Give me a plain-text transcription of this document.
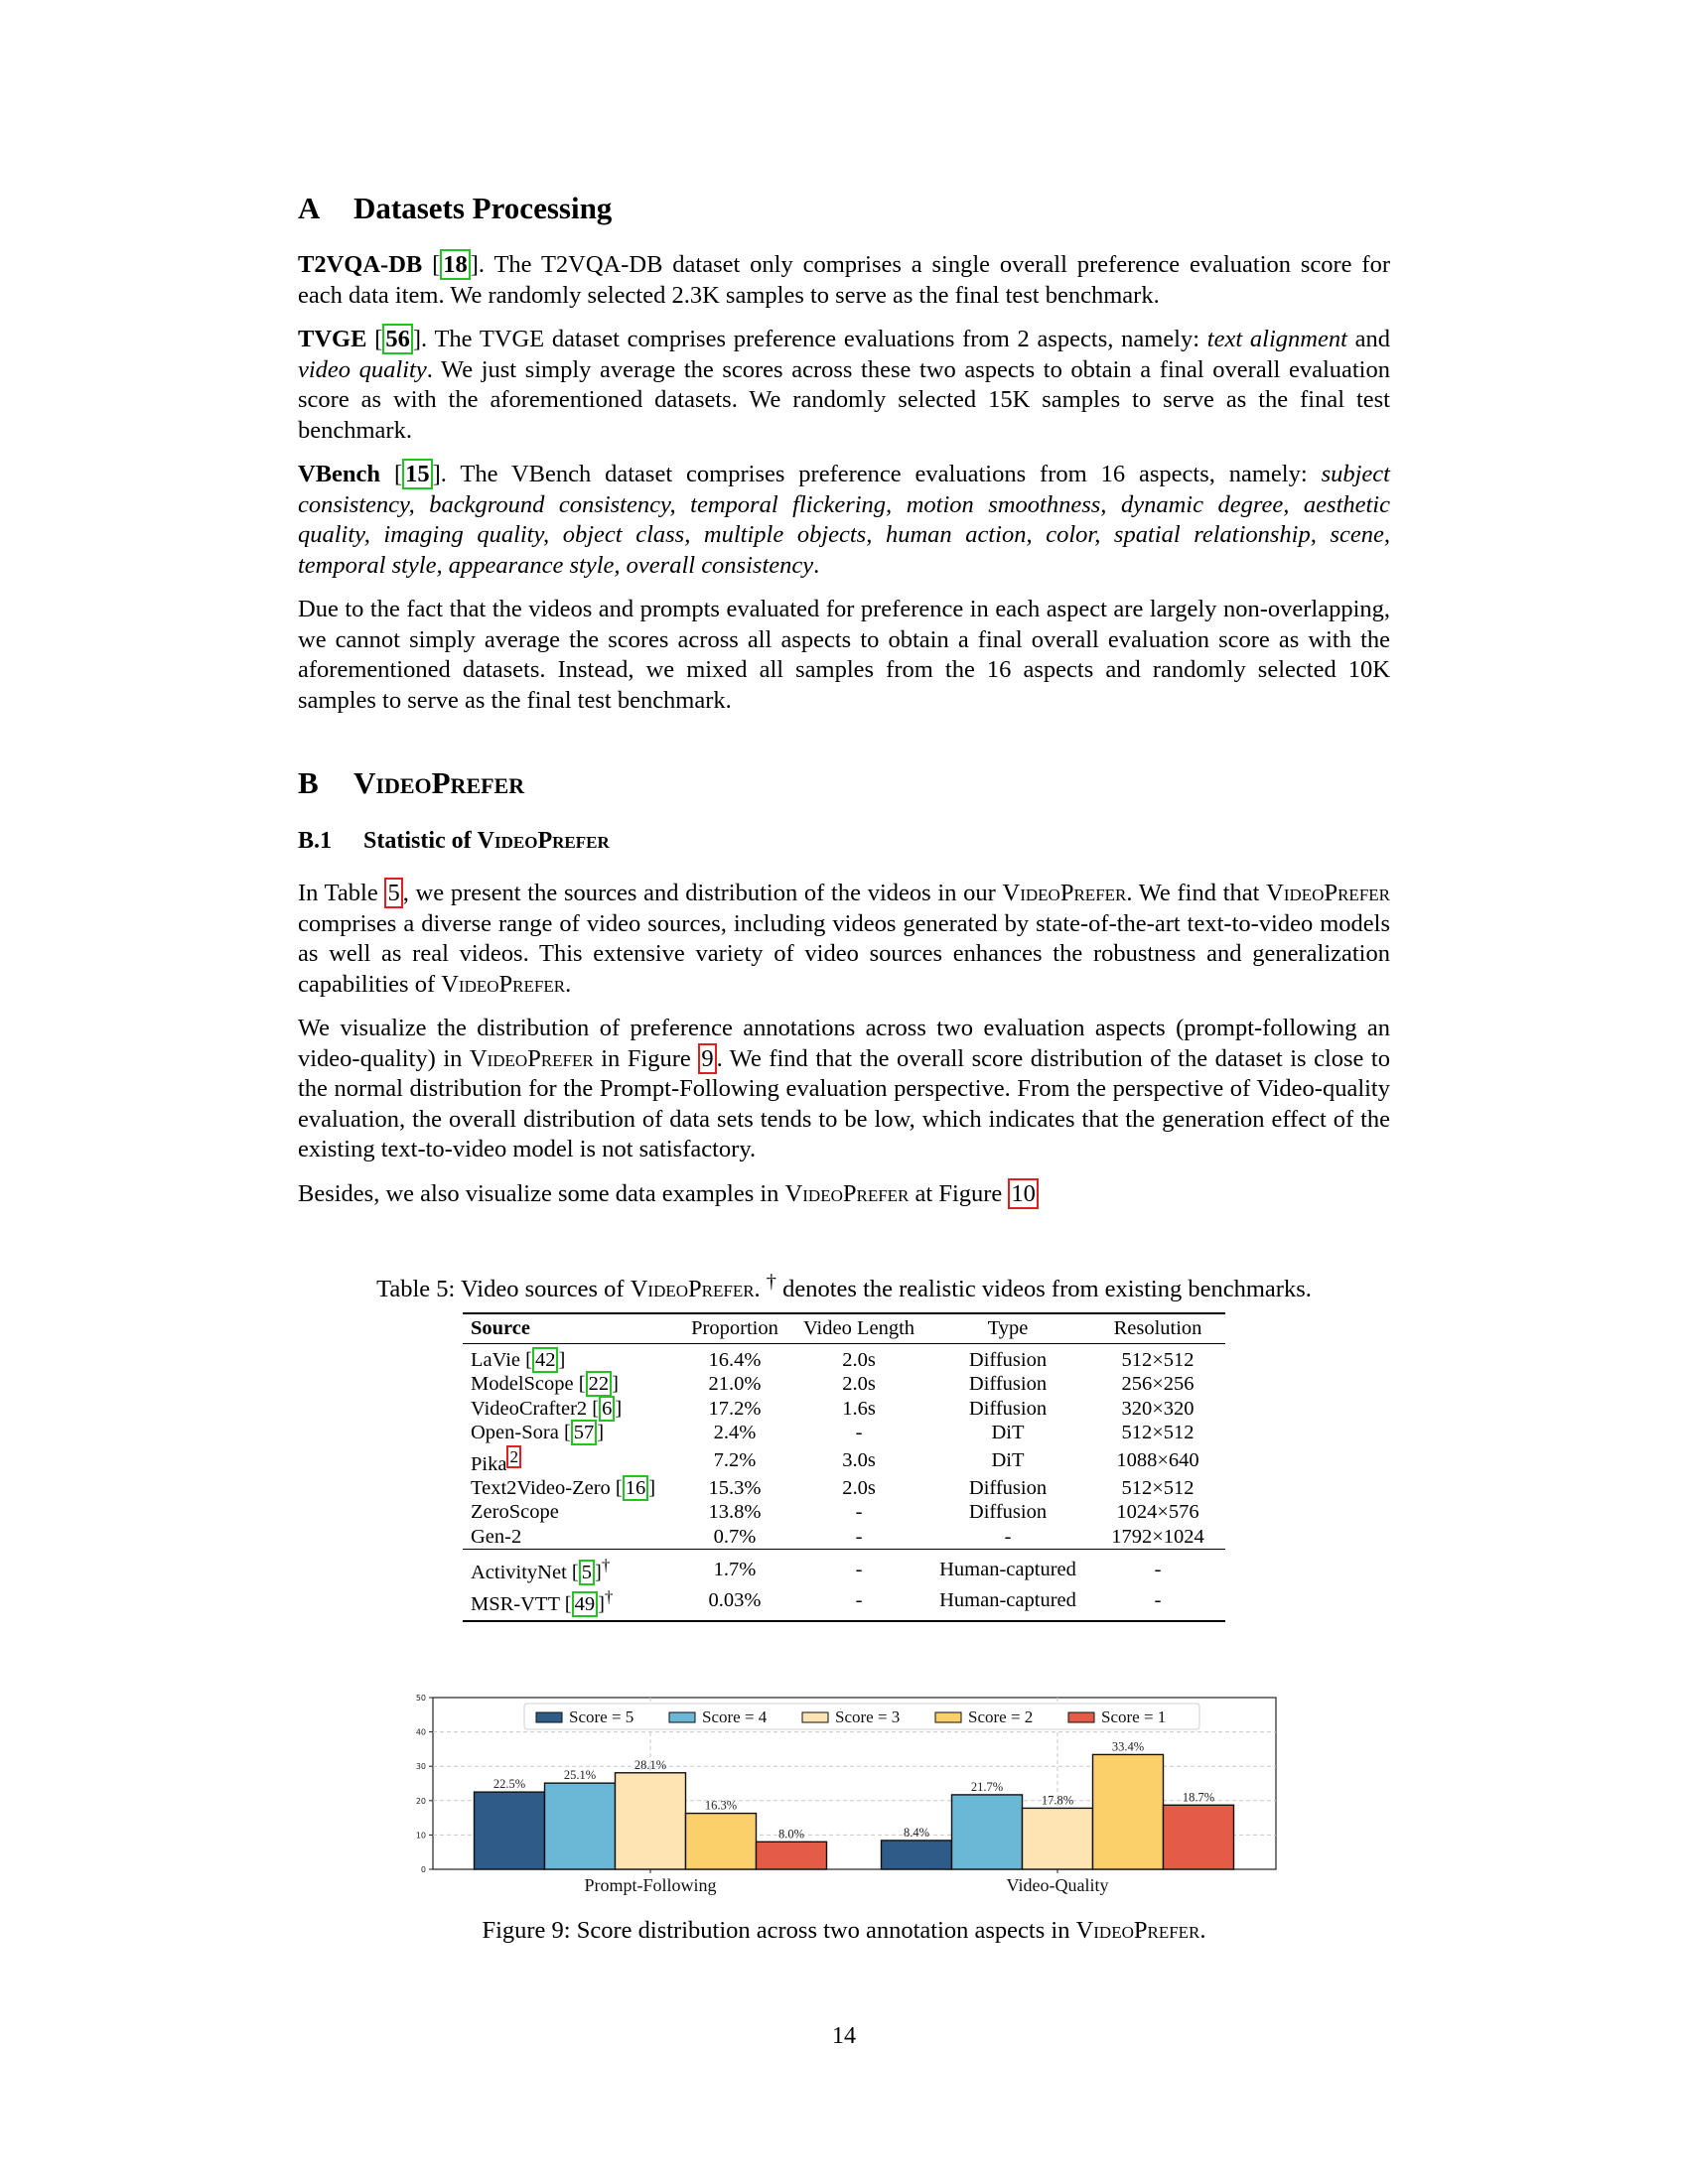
A Datasets Processing

T2VQA-DB [ 18 ]. The T2VQA-DB dataset only comprises a single overall preference evaluation score for each data item. We randomly selected 2.3K samples to serve as the final test benchmark.

TVGE [ 56 ]. The TVGE dataset comprises preference evaluations from 2 aspects, namely: text alignment and video quality. We just simply average the scores across these two aspects to obtain a final overall evaluation score as with the aforementioned datasets. We randomly selected 15K samples to serve as the final test benchmark.

VBench [ 15 ]. The VBench dataset comprises preference evaluations from 16 aspects, namely: subject consistency, background consistency, temporal flickering, motion smoothness, dynamic degree, aesthetic quality, imaging quality, object class, multiple objects, human action, color, spatial relationship, scene, temporal style, appearance style, overall consistency.

Due to the fact that the videos and prompts evaluated for preference in each aspect are largely non-overlapping, we cannot simply average the scores across all aspects to obtain a final overall evaluation score as with the aforementioned datasets. Instead, we mixed all samples from the 16 aspects and randomly selected 10K samples to serve as the final test benchmark.

B VideoPrefer
B.1 Statistic of VideoPrefer

In Table 5 , we present the sources and distribution of the videos in our VideoPrefer. We find that VideoPrefer comprises a diverse range of video sources, including videos generated by state-of-the-art text-to-video models as well as real videos. This extensive variety of video sources enhances the robustness and generalization capabilities of VideoPrefer.

We visualize the distribution of preference annotations across two evaluation aspects (prompt-following an video-quality) in VideoPrefer in Figure 9 . We find that the overall score distribution of the dataset is close to the normal distribution for the Prompt-Following evaluation perspective. From the perspective of Video-quality evaluation, the overall distribution of data sets tends to be low, which indicates that the generation effect of the existing text-to-video model is not satisfactory.

Besides, we also visualize some data examples in VideoPrefer at Figure 10

Table 5: Video sources of VideoPrefer. † denotes the realistic videos from existing benchmarks.

Source	Proportion	Video Length	Type	Resolution
LaVie [ 42 ]	16.4%	2.0s	Diffusion	512×512
ModelScope [ 22 ]	21.0%	2.0s	Diffusion	256×256
VideoCrafter2 [ 6 ]	17.2%	1.6s	Diffusion	320×320
Open-Sora [ 57 ]	2.4%	-	DiT	512×512
Pika $^2$	7.2%	3.0s	DiT	1088×640
Text2Video-Zero [ 16 ]	15.3%	2.0s	Diffusion	512×512
ZeroScope	13.8%	-	Diffusion	1024×576
Gen-2	0.7%	-	-	1792×1024
ActivityNet [ 5 ]†	1.7%	-	Human-captured	-
MSR-VTT [ 49 ]†	0.03%	-	Human-captured	-
0
10
20
30
40
50
22.5%
25.1%
28.1%
16.3%
8.0%
Prompt-Following
8.4%
21.7%
17.8%
33.4%
18.7%
Video-Quality
Score = 5	Score = 4	Score = 3	Score = 2	Score = 1

Figure 9: Score distribution across two annotation aspects in VideoPrefer.

14
